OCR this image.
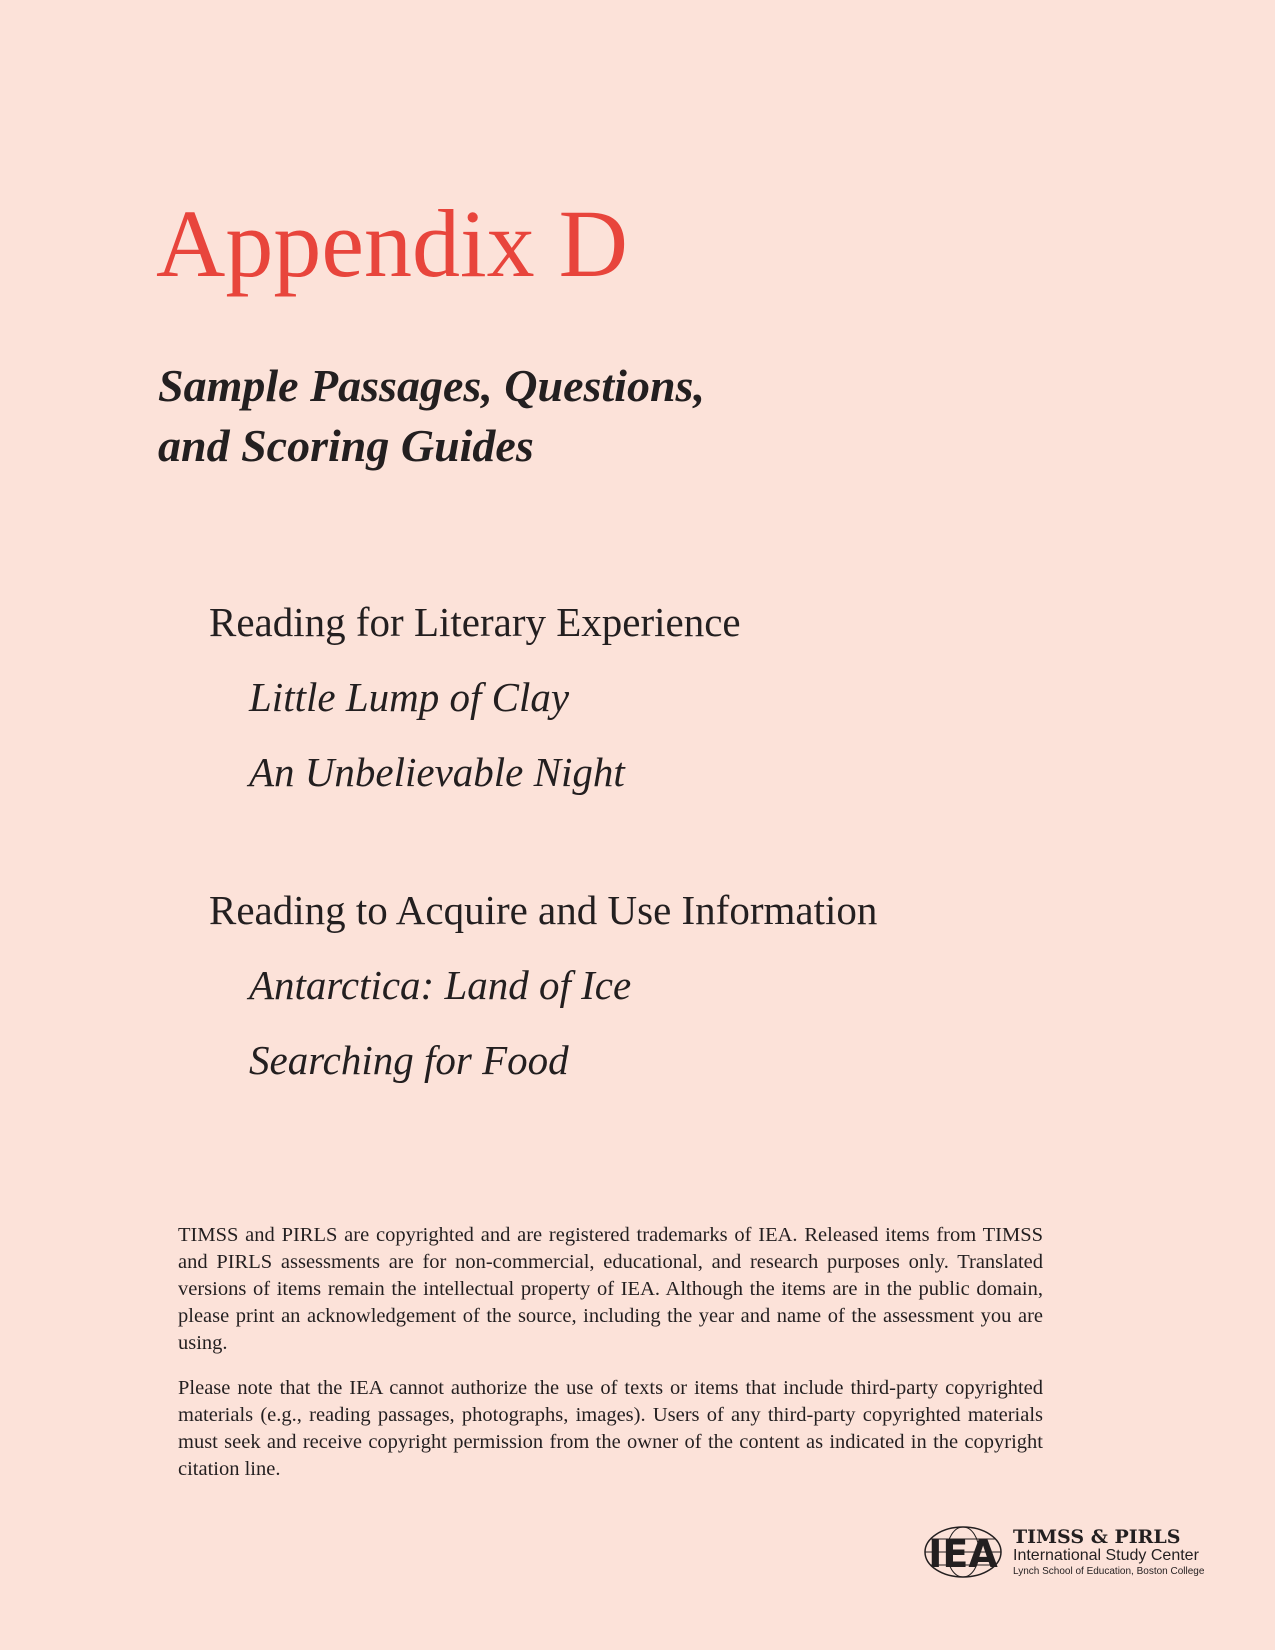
Appendix D
Sample Passages, Questions,
and Scoring Guides
Reading for Literary Experience

Little Lump of Clay

An Unbelievable Night

Reading to Acquire and Use Information

Antarctica: Land of Ice

Searching for Food

TIMSS and PIRLS are copyrighted and are registered trademarks of IEA. Released items from TIMSS and PIRLS assessments are for non-commercial, educational, and research purposes only. Translated versions of items remain the intellectual property of IEA. Although the items are in the public domain, please print an acknowledgement of the source, including the year and name of the assessment you are using.

Please note that the IEA cannot authorize the use of texts or items that include third-party copyrighted materials (e.g., reading passages, photographs, images). Users of any third-party copyrighted materials must seek and receive copyright permission from the owner of the content as indicated in the copyright citation line.

IEA TIMSS & PIRLS
International Study Center
Lynch School of Education, Boston College
